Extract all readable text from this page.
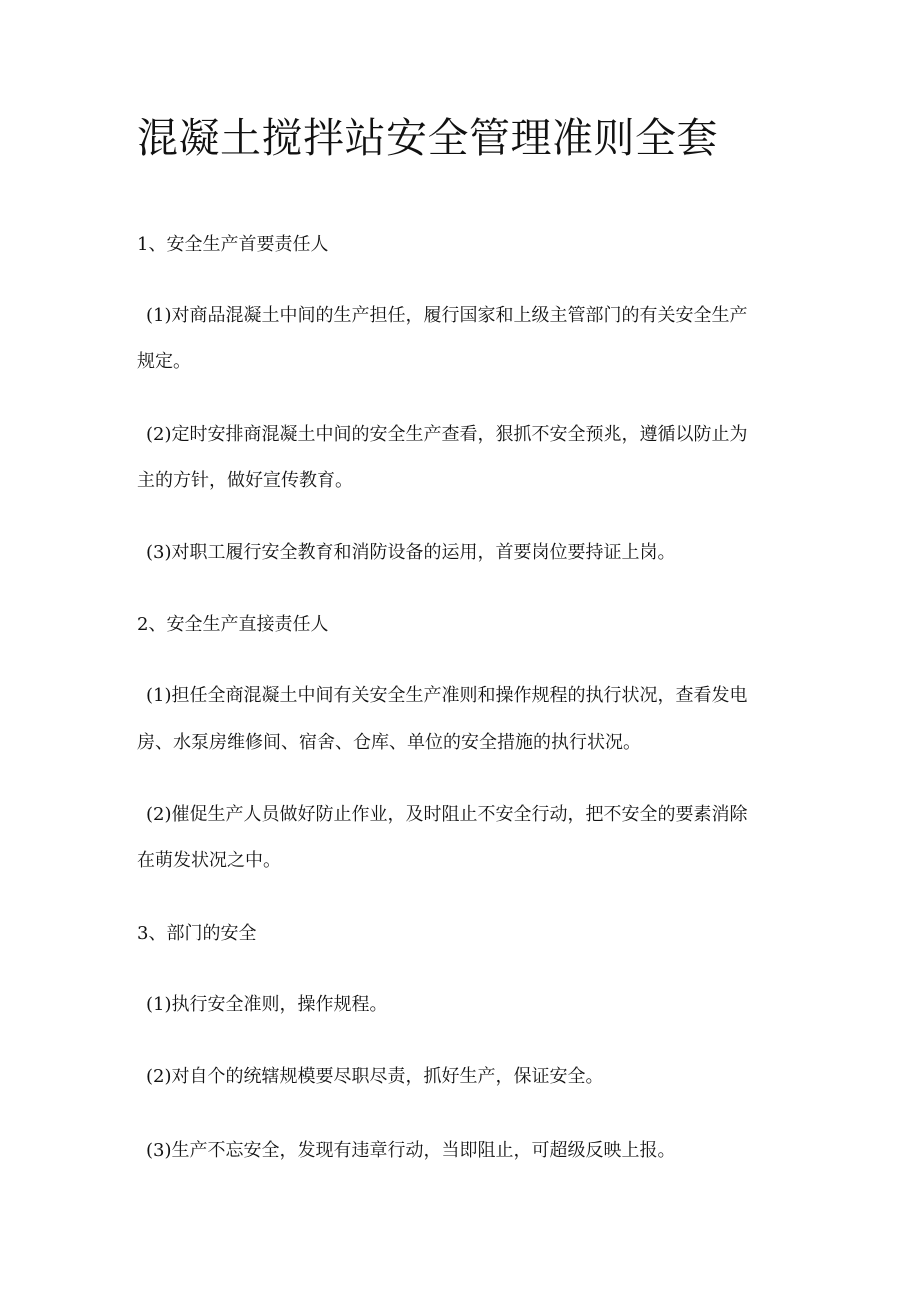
混凝土搅拌站安全管理准则全套

1、安全生产首要责任人

(1)对商品混凝土中间的生产担任，履行国家和上级主管部门的有关安全生产

规定。

(2)定时安排商混凝土中间的安全生产查看，狠抓不安全预兆，遵循以防止为

主的方针，做好宣传教育。

(3)对职工履行安全教育和消防设备的运用，首要岗位要持证上岗。

2、安全生产直接责任人

(1)担任全商混凝土中间有关安全生产准则和操作规程的执行状况，查看发电

房、水泵房维修间、宿舍、仓库、单位的安全措施的执行状况。

(2)催促生产人员做好防止作业，及时阻止不安全行动，把不安全的要素消除

在萌发状况之中。

3、部门的安全

(1)执行安全准则，操作规程。

(2)对自个的统辖规模要尽职尽责，抓好生产，保证安全。

(3)生产不忘安全，发现有违章行动，当即阻止，可超级反映上报。
